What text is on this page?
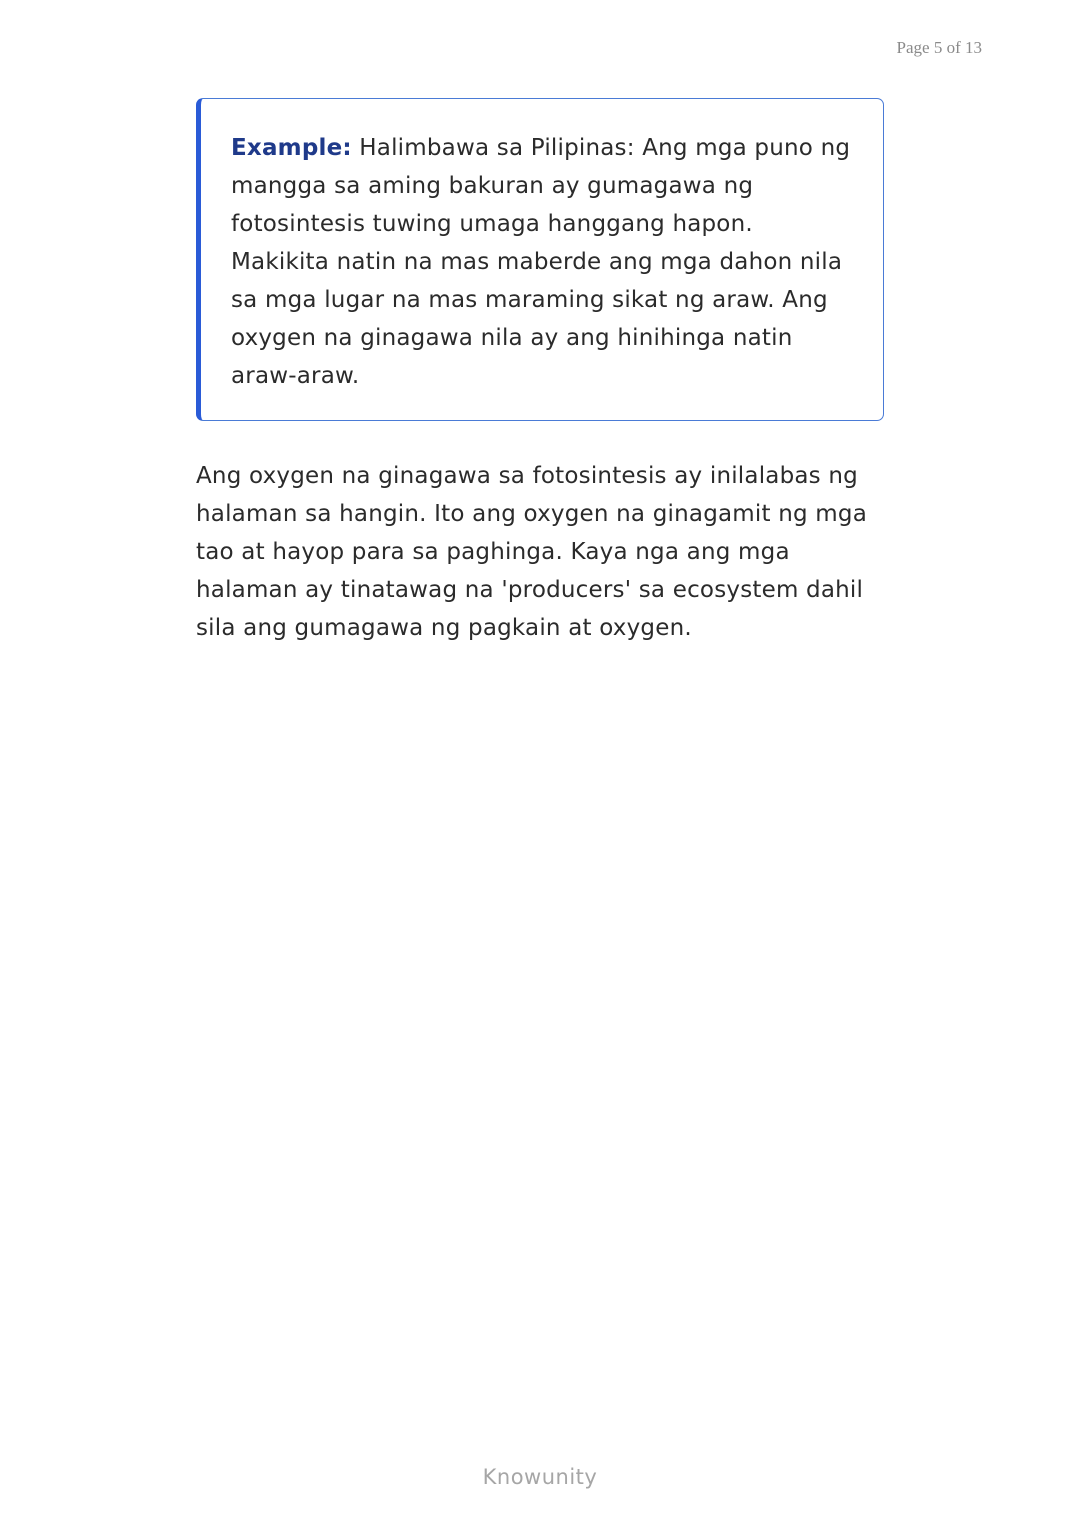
Page 5 of 13

Example: Halimbawa sa Pilipinas: Ang mga puno ng mangga sa aming bakuran ay gumagawa ng fotosintesis tuwing umaga hanggang hapon. Makikita natin na mas maberde ang mga dahon nila sa mga lugar na mas maraming sikat ng araw. Ang oxygen na ginagawa nila ay ang hinihinga natin araw-araw.

Ang oxygen na ginagawa sa fotosintesis ay inilalabas ng halaman sa hangin. Ito ang oxygen na ginagamit ng mga tao at hayop para sa paghinga. Kaya nga ang mga halaman ay tinatawag na 'producers' sa ecosystem dahil sila ang gumagawa ng pagkain at oxygen.

Knowunity
